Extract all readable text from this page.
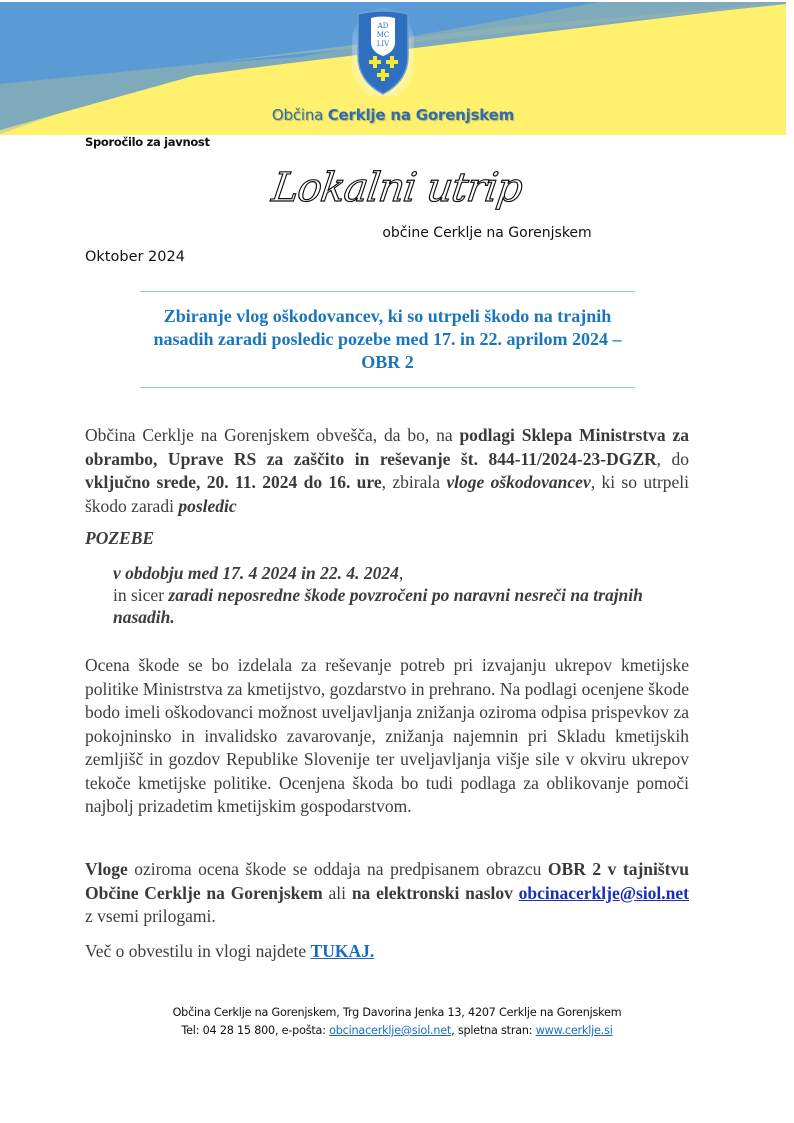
AD
MC
LIV
Občina Cerklje na Gorenjskem
Sporočilo za javnost
Lokalni utrip
občine Cerklje na Gorenjskem
Oktober 2024
Zbiranje vlog oškodovancev, ki so utrpeli škodo na trajnih nasadih zaradi posledic pozebe med 17. in 22. aprilom 2024 – OBR 2
Občina Cerklje na Gorenjskem obvešča, da bo, na podlagi Sklepa Ministrstva za obrambo, Uprave RS za zaščito in reševanje št. 844-11/2024-23-DGZR, do vključno srede, 20. 11. 2024 do 16. ure, zbirala vloge oškodovancev, ki so utrpeli škodo zaradi posledic
POZEBE
v obdobju med 17. 4 2024 in 22. 4. 2024,
in sicer zaradi neposredne škode povzročeni po naravni nesreči na trajnih nasadih.
Ocena škode se bo izdelala za reševanje potreb pri izvajanju ukrepov kmetijske politike Ministrstva za kmetijstvo, gozdarstvo in prehrano. Na podlagi ocenjene škode bodo imeli oškodovanci možnost uveljavljanja znižanja oziroma odpisa prispevkov za pokojninsko in invalidsko zavarovanje, znižanja najemnin pri Skladu kmetijskih zemljišč in gozdov Republike Slovenije ter uveljavljanja višje sile v okviru ukrepov tekoče kmetijske politike. Ocenjena škoda bo tudi podlaga za oblikovanje pomoči najbolj prizadetim kmetijskim gospodarstvom.
Vloge oziroma ocena škode se oddaja na predpisanem obrazcu OBR 2 v tajništvu Občine Cerklje na Gorenjskem ali na elektronski naslov obcinacerklje@siol.net z vsemi prilogami.
Več o obvestilu in vlogi najdete TUKAJ.
Občina Cerklje na Gorenjskem, Trg Davorina Jenka 13, 4207 Cerklje na Gorenjskem
Tel: 04 28 15 800, e-pošta: obcinacerklje@siol.net, spletna stran: www.cerklje.si
